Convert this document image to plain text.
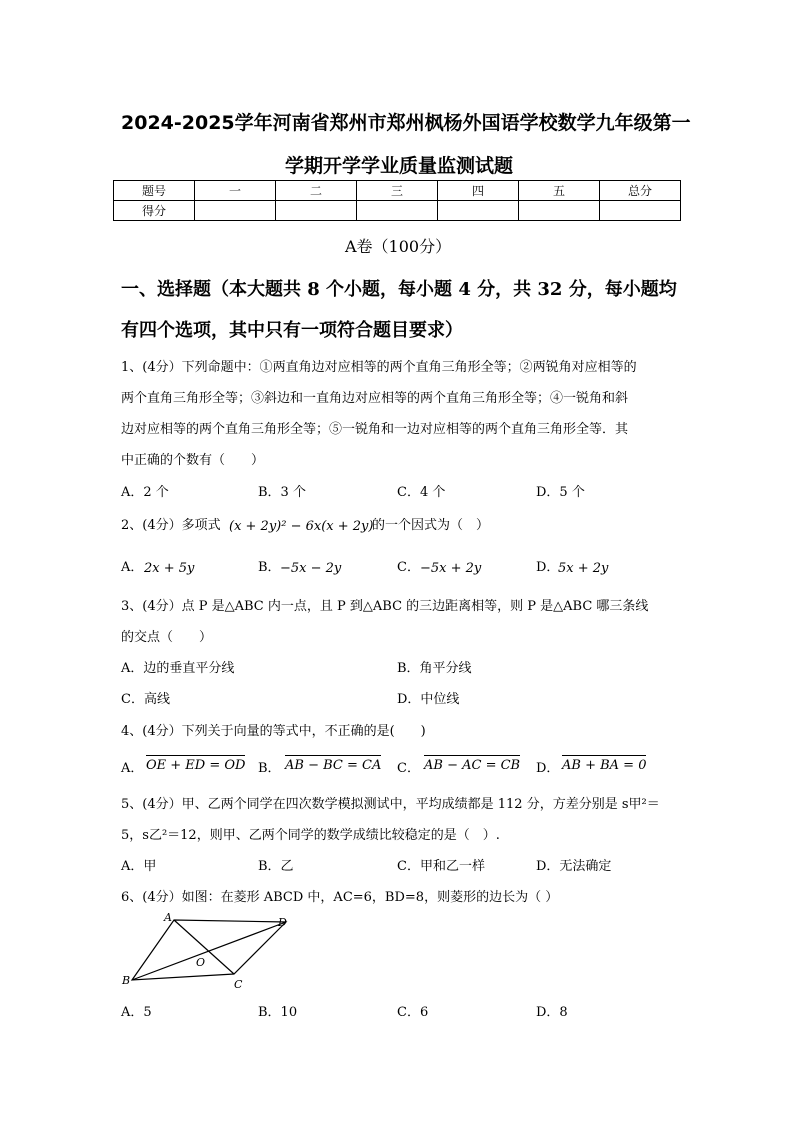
2024-2025学年河南省郑州市郑州枫杨外国语学校数学九年级第一
学期开学学业质量监测试题
题号	一	二	三	四	五	总分
得分						
A卷（100分）
一、选择题（本大题共 8 个小题，每小题 4 分，共 32 分，每小题均
有四个选项，其中只有一项符合题目要求）
1、(4分）下列命题中：①两直角边对应相等的两个直角三角形全等；②两锐角对应相等的
两个直角三角形全等；③斜边和一直角边对应相等的两个直角三角形全等；④一锐角和斜
边对应相等的两个直角三角形全等；⑤一锐角和一边对应相等的两个直角三角形全等．其
中正确的个数有（　　）
A．2 个	B．3 个	C．4 个	D．5 个
2、(4分）多项式 (x + 2y)² − 6x(x + 2y)
的一个因式为（　）
A． 2x + 5y	B． −5x − 2y	C． −5x + 2y	D．
5x + 2y
3、(4分）点 P 是△ABC 内一点，且 P 到△ABC 的三边距离相等，则 P 是△ABC 哪三条线
的交点（　　）
A．边的垂直平分线	B．角平分线
C．高线	D．中位线
4、(4分）下列关于向量的等式中，不正确的是(　　)
A． OE + ED = OD B． AB − BC = CA C． AB − AC = CB D． AB + BA = 0
5、(4分）甲、乙两个同学在四次数学模拟测试中，平均成绩都是 112 分，方差分别是 s甲²＝
5，s乙²＝12，则甲、乙两个同学的数学成绩比较稳定的是（　）.
A．甲	B．乙	C．甲和乙一样	D．无法确定
6、(4分）如图：在菱形 ABCD 中，AC=6，BD=8，则菱形的边长为（ ）
A	D
O
B	C
A．5	B．10	C．6	D．8
